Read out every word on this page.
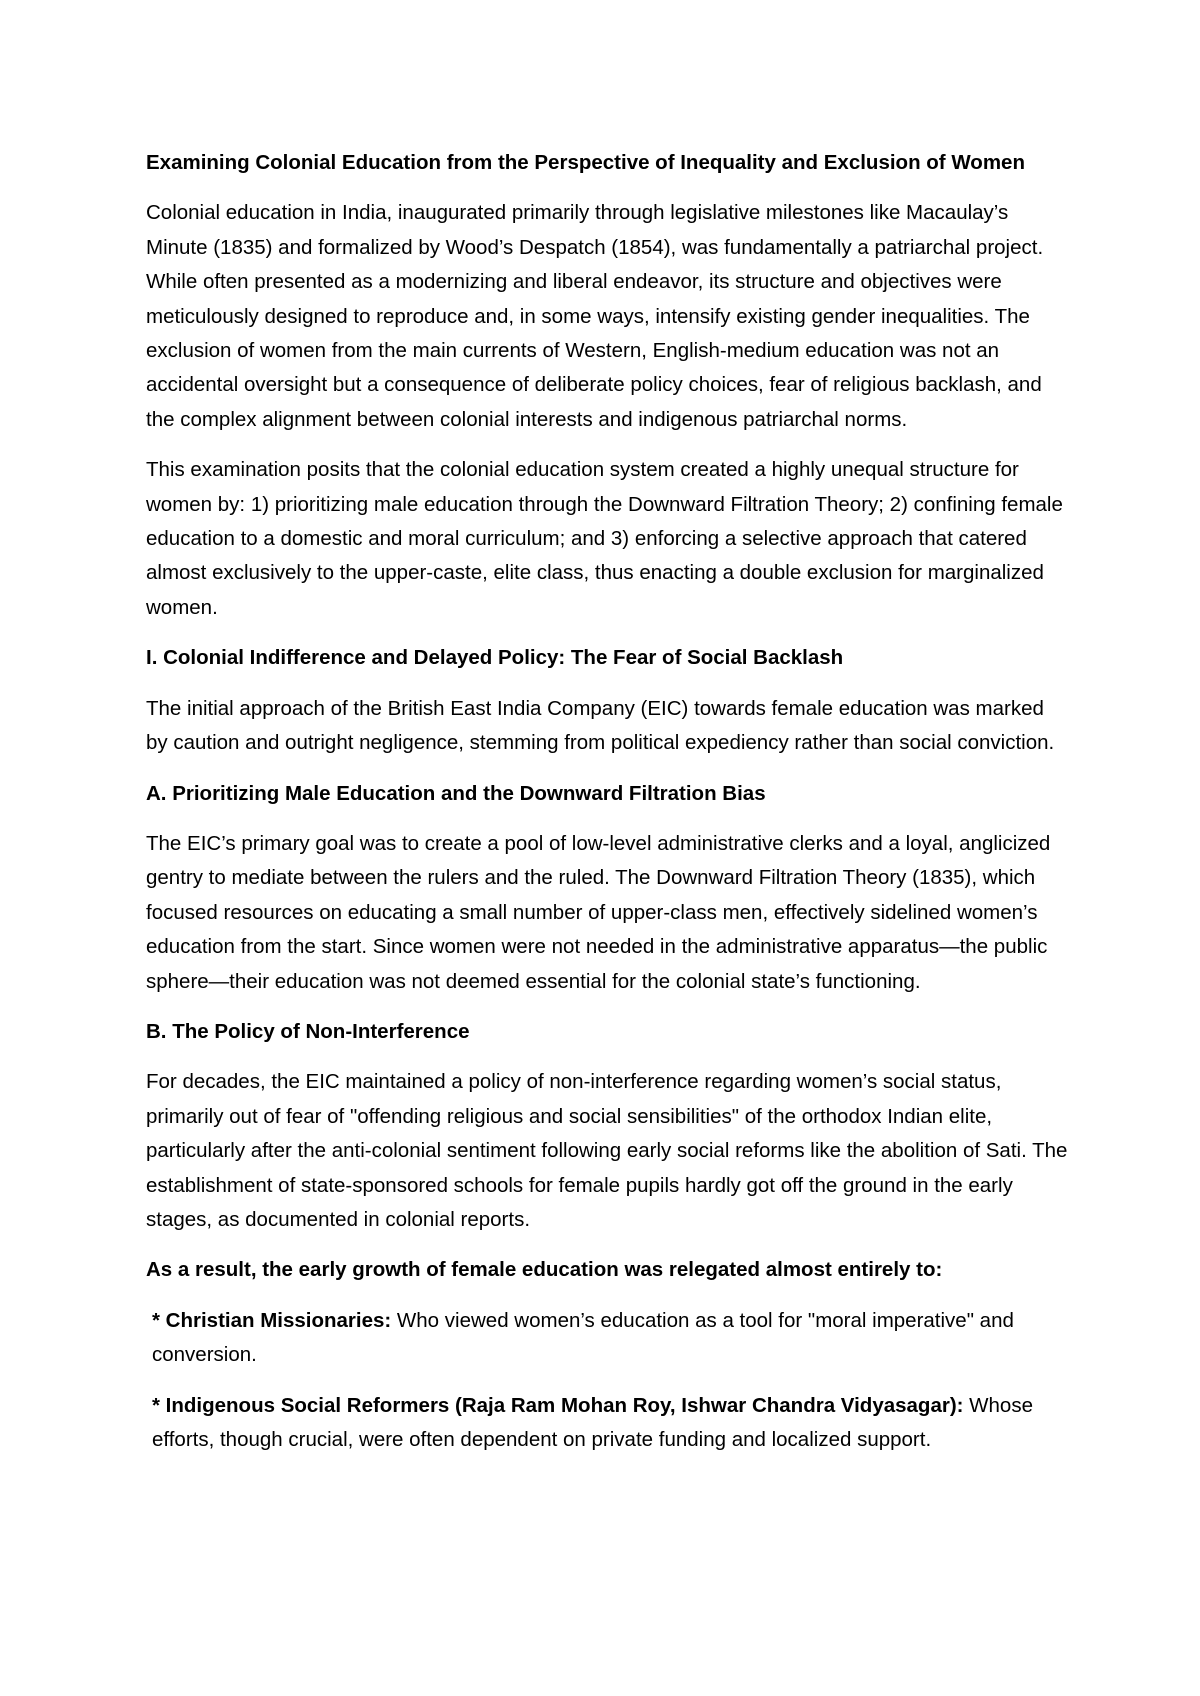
Examining Colonial Education from the Perspective of Inequality and Exclusion of Women

Colonial education in India, inaugurated primarily through legislative milestones like Macaulay’s Minute (1835) and formalized by Wood’s Despatch (1854), was fundamentally a patriarchal project. While often presented as a modernizing and liberal endeavor, its structure and objectives were meticulously designed to reproduce and, in some ways, intensify existing gender inequalities. The exclusion of women from the main currents of Western, English-medium education was not an accidental oversight but a consequence of deliberate policy choices, fear of religious backlash, and the complex alignment between colonial interests and indigenous patriarchal norms.

This examination posits that the colonial education system created a highly unequal structure for women by: 1) prioritizing male education through the Downward Filtration Theory; 2) confining female education to a domestic and moral curriculum; and 3) enforcing a selective approach that catered almost exclusively to the upper-caste, elite class, thus enacting a double exclusion for marginalized women.

I. Colonial Indifference and Delayed Policy: The Fear of Social Backlash

The initial approach of the British East India Company (EIC) towards female education was marked by caution and outright negligence, stemming from political expediency rather than social conviction.

A. Prioritizing Male Education and the Downward Filtration Bias

The EIC’s primary goal was to create a pool of low-level administrative clerks and a loyal, anglicized gentry to mediate between the rulers and the ruled. The Downward Filtration Theory (1835), which focused resources on educating a small number of upper-class men, effectively sidelined women’s education from the start. Since women were not needed in the administrative apparatus—the public sphere—their education was not deemed essential for the colonial state’s functioning.

B. The Policy of Non-Interference

For decades, the EIC maintained a policy of non-interference regarding women’s social status, primarily out of fear of "offending religious and social sensibilities" of the orthodox Indian elite, particularly after the anti-colonial sentiment following early social reforms like the abolition of Sati. The establishment of state-sponsored schools for female pupils hardly got off the ground in the early stages, as documented in colonial reports.

As a result, the early growth of female education was relegated almost entirely to:

* Christian Missionaries: Who viewed women’s education as a tool for "moral imperative" and conversion.

* Indigenous Social Reformers (Raja Ram Mohan Roy, Ishwar Chandra Vidyasagar): Whose efforts, though crucial, were often dependent on private funding and localized support.
